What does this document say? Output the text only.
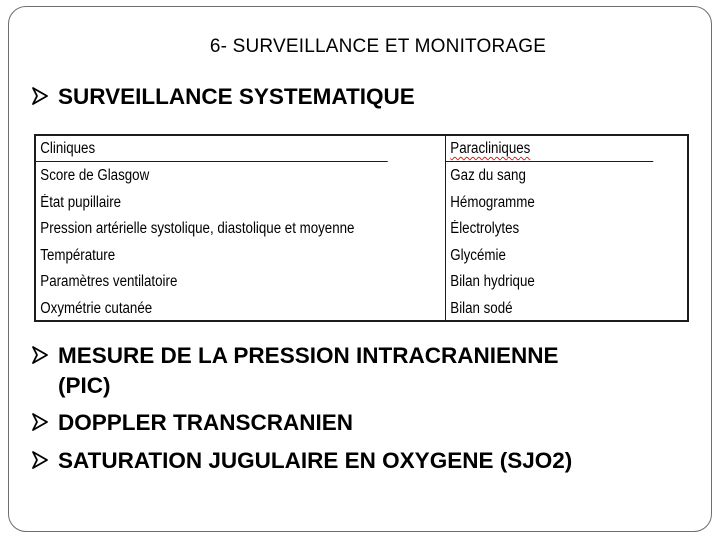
6- SURVEILLANCE ET MONITORAGE
SURVEILLANCE SYSTEMATIQUE
Cliniques
Score de Glasgow
État pupillaire
Pression artérielle systolique, diastolique et moyenne
Température
Paramètres ventilatoire
Oxymétrie cutanée
Paracliniques
Gaz du sang
Hémogramme
Électrolytes
Glycémie
Bilan hydrique
Bilan sodé
MESURE DE LA PRESSION INTRACRANIENNE
(PIC)
DOPPLER TRANSCRANIEN
SATURATION JUGULAIRE EN OXYGENE (SJO2)
